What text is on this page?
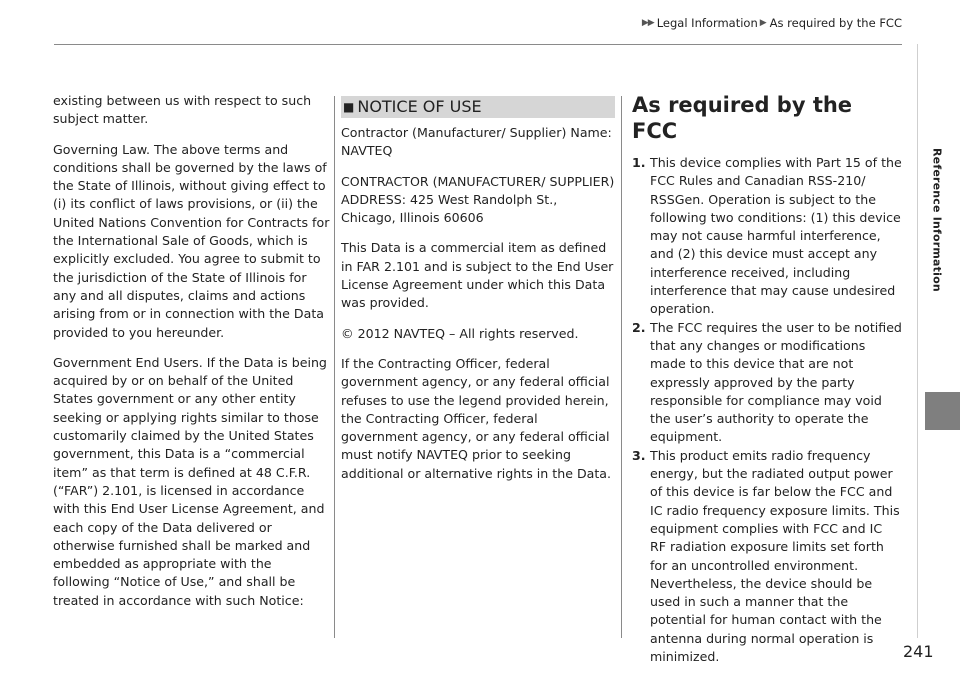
▶▶ Legal Information ▶ As required by the FCC
Reference Information

existing between us with respect to such subject matter.

Governing Law. The above terms and conditions shall be governed by the laws of the State of Illinois, without giving effect to (i) its conflict of laws provisions, or (ii) the United Nations Convention for Contracts for the International Sale of Goods, which is explicitly excluded. You agree to submit to the jurisdiction of the State of Illinois for any and all disputes, claims and actions arising from or in connection with the Data provided to you hereunder.

Government End Users. If the Data is being acquired by or on behalf of the United States government or any other entity seeking or applying rights similar to those customarily claimed by the United States government, this Data is a “commercial item” as that term is defined at 48 C.F.R. (“FAR”) 2.101, is licensed in accordance with this End User License Agreement, and each copy of the Data delivered or otherwise furnished shall be marked and embedded as appropriate with the following “Notice of Use,” and shall be treated in accordance with such Notice:

■ NOTICE OF USE

Contractor (Manufacturer/ Supplier) Name: NAVTEQ

CONTRACTOR (MANUFACTURER/ SUPPLIER) ADDRESS: 425 West Randolph St., Chicago, Illinois 60606

This Data is a commercial item as defined in FAR 2.101 and is subject to the End User License Agreement under which this Data was provided.

© 2012 NAVTEQ – All rights reserved.

If the Contracting Officer, federal government agency, or any federal official refuses to use the legend provided herein, the Contracting Officer, federal government agency, or any federal official must notify NAVTEQ prior to seeking additional or alternative rights in the Data.

As required by the FCC
1. This device complies with Part 15 of the FCC Rules and Canadian RSS-210/ RSSGen. Operation is subject to the following two conditions: (1) this device may not cause harmful interference, and (2) this device must accept any interference received, including interference that may cause undesired operation.
2. The FCC requires the user to be notified that any changes or modifications made to this device that are not expressly approved by the party responsible for compliance may void the user’s authority to operate the equipment.
3. This product emits radio frequency energy, but the radiated output power of this device is far below the FCC and IC radio frequency exposure limits. This equipment complies with FCC and IC RF radiation exposure limits set forth for an uncontrolled environment. Nevertheless, the device should be used in such a manner that the potential for human contact with the antenna during normal operation is minimized.	241
